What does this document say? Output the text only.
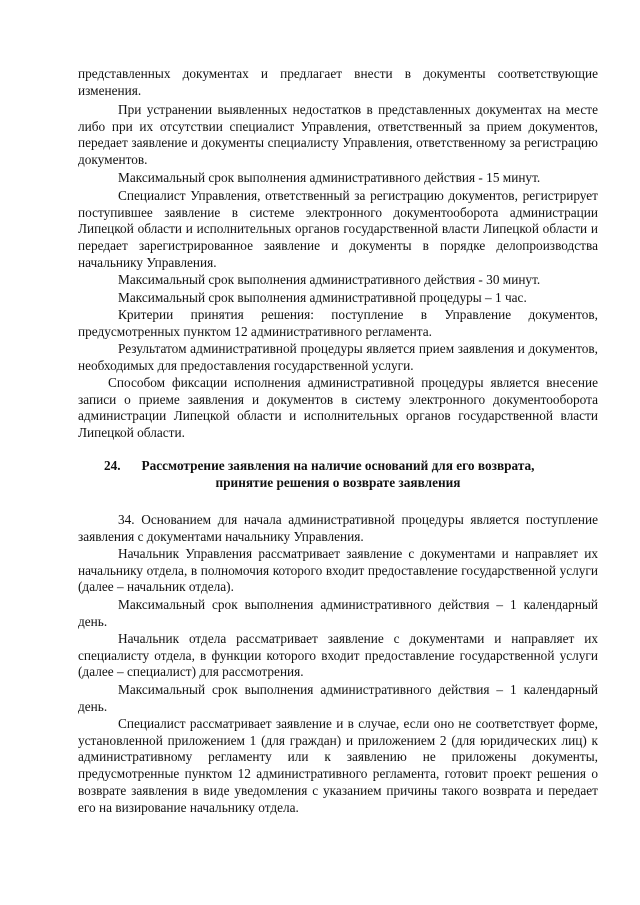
представленных документах и предлагает внести в документы соответствующие изменения.

При устранении выявленных недостатков в представленных документах на месте либо при их отсутствии специалист Управления, ответственный за прием документов, передает заявление и документы специалисту Управления, ответственному за регистрацию документов.

Максимальный срок выполнения административного действия - 15 минут.

Специалист Управления, ответственный за регистрацию документов, регистрирует поступившее заявление в системе электронного документооборота администрации Липецкой области и исполнительных органов государственной власти Липецкой области и передает зарегистрированное заявление и документы в порядке делопроизводства начальнику Управления.

Максимальный срок выполнения административного действия - 30 минут.

Максимальный срок выполнения административной процедуры – 1 час.

Критерии принятия решения: поступление в Управление документов, предусмотренных пунктом 12 административного регламента.

Результатом административной процедуры является прием заявления и документов, необходимых для предоставления государственной услуги.

Способом фиксации исполнения административной процедуры является внесение записи о приеме заявления и документов в систему электронного документооборота администрации Липецкой области и исполнительных органов государственной власти Липецкой области.

24.	Рассмотрение заявления на наличие оснований для его возврата,
принятие решения о возврате заявления

34. Основанием для начала административной процедуры является поступление заявления с документами начальнику Управления.

Начальник Управления рассматривает заявление с документами и направляет их начальнику отдела, в полномочия которого входит предоставление государственной услуги (далее – начальник отдела).

Максимальный срок выполнения административного действия – 1 календарный день.

Начальник отдела рассматривает заявление с документами и направляет их специалисту отдела, в функции которого входит предоставление государственной услуги (далее – специалист) для рассмотрения.

Максимальный срок выполнения административного действия – 1 календарный день.

Специалист рассматривает заявление и в случае, если оно не соответствует форме, установленной приложением 1 (для граждан) и приложением 2 (для юридических лиц) к административному регламенту или к заявлению не приложены документы, предусмотренные пунктом 12 административного регламента, готовит проект решения о возврате заявления в виде уведомления с указанием причины такого возврата и передает его на визирование начальнику отдела.
